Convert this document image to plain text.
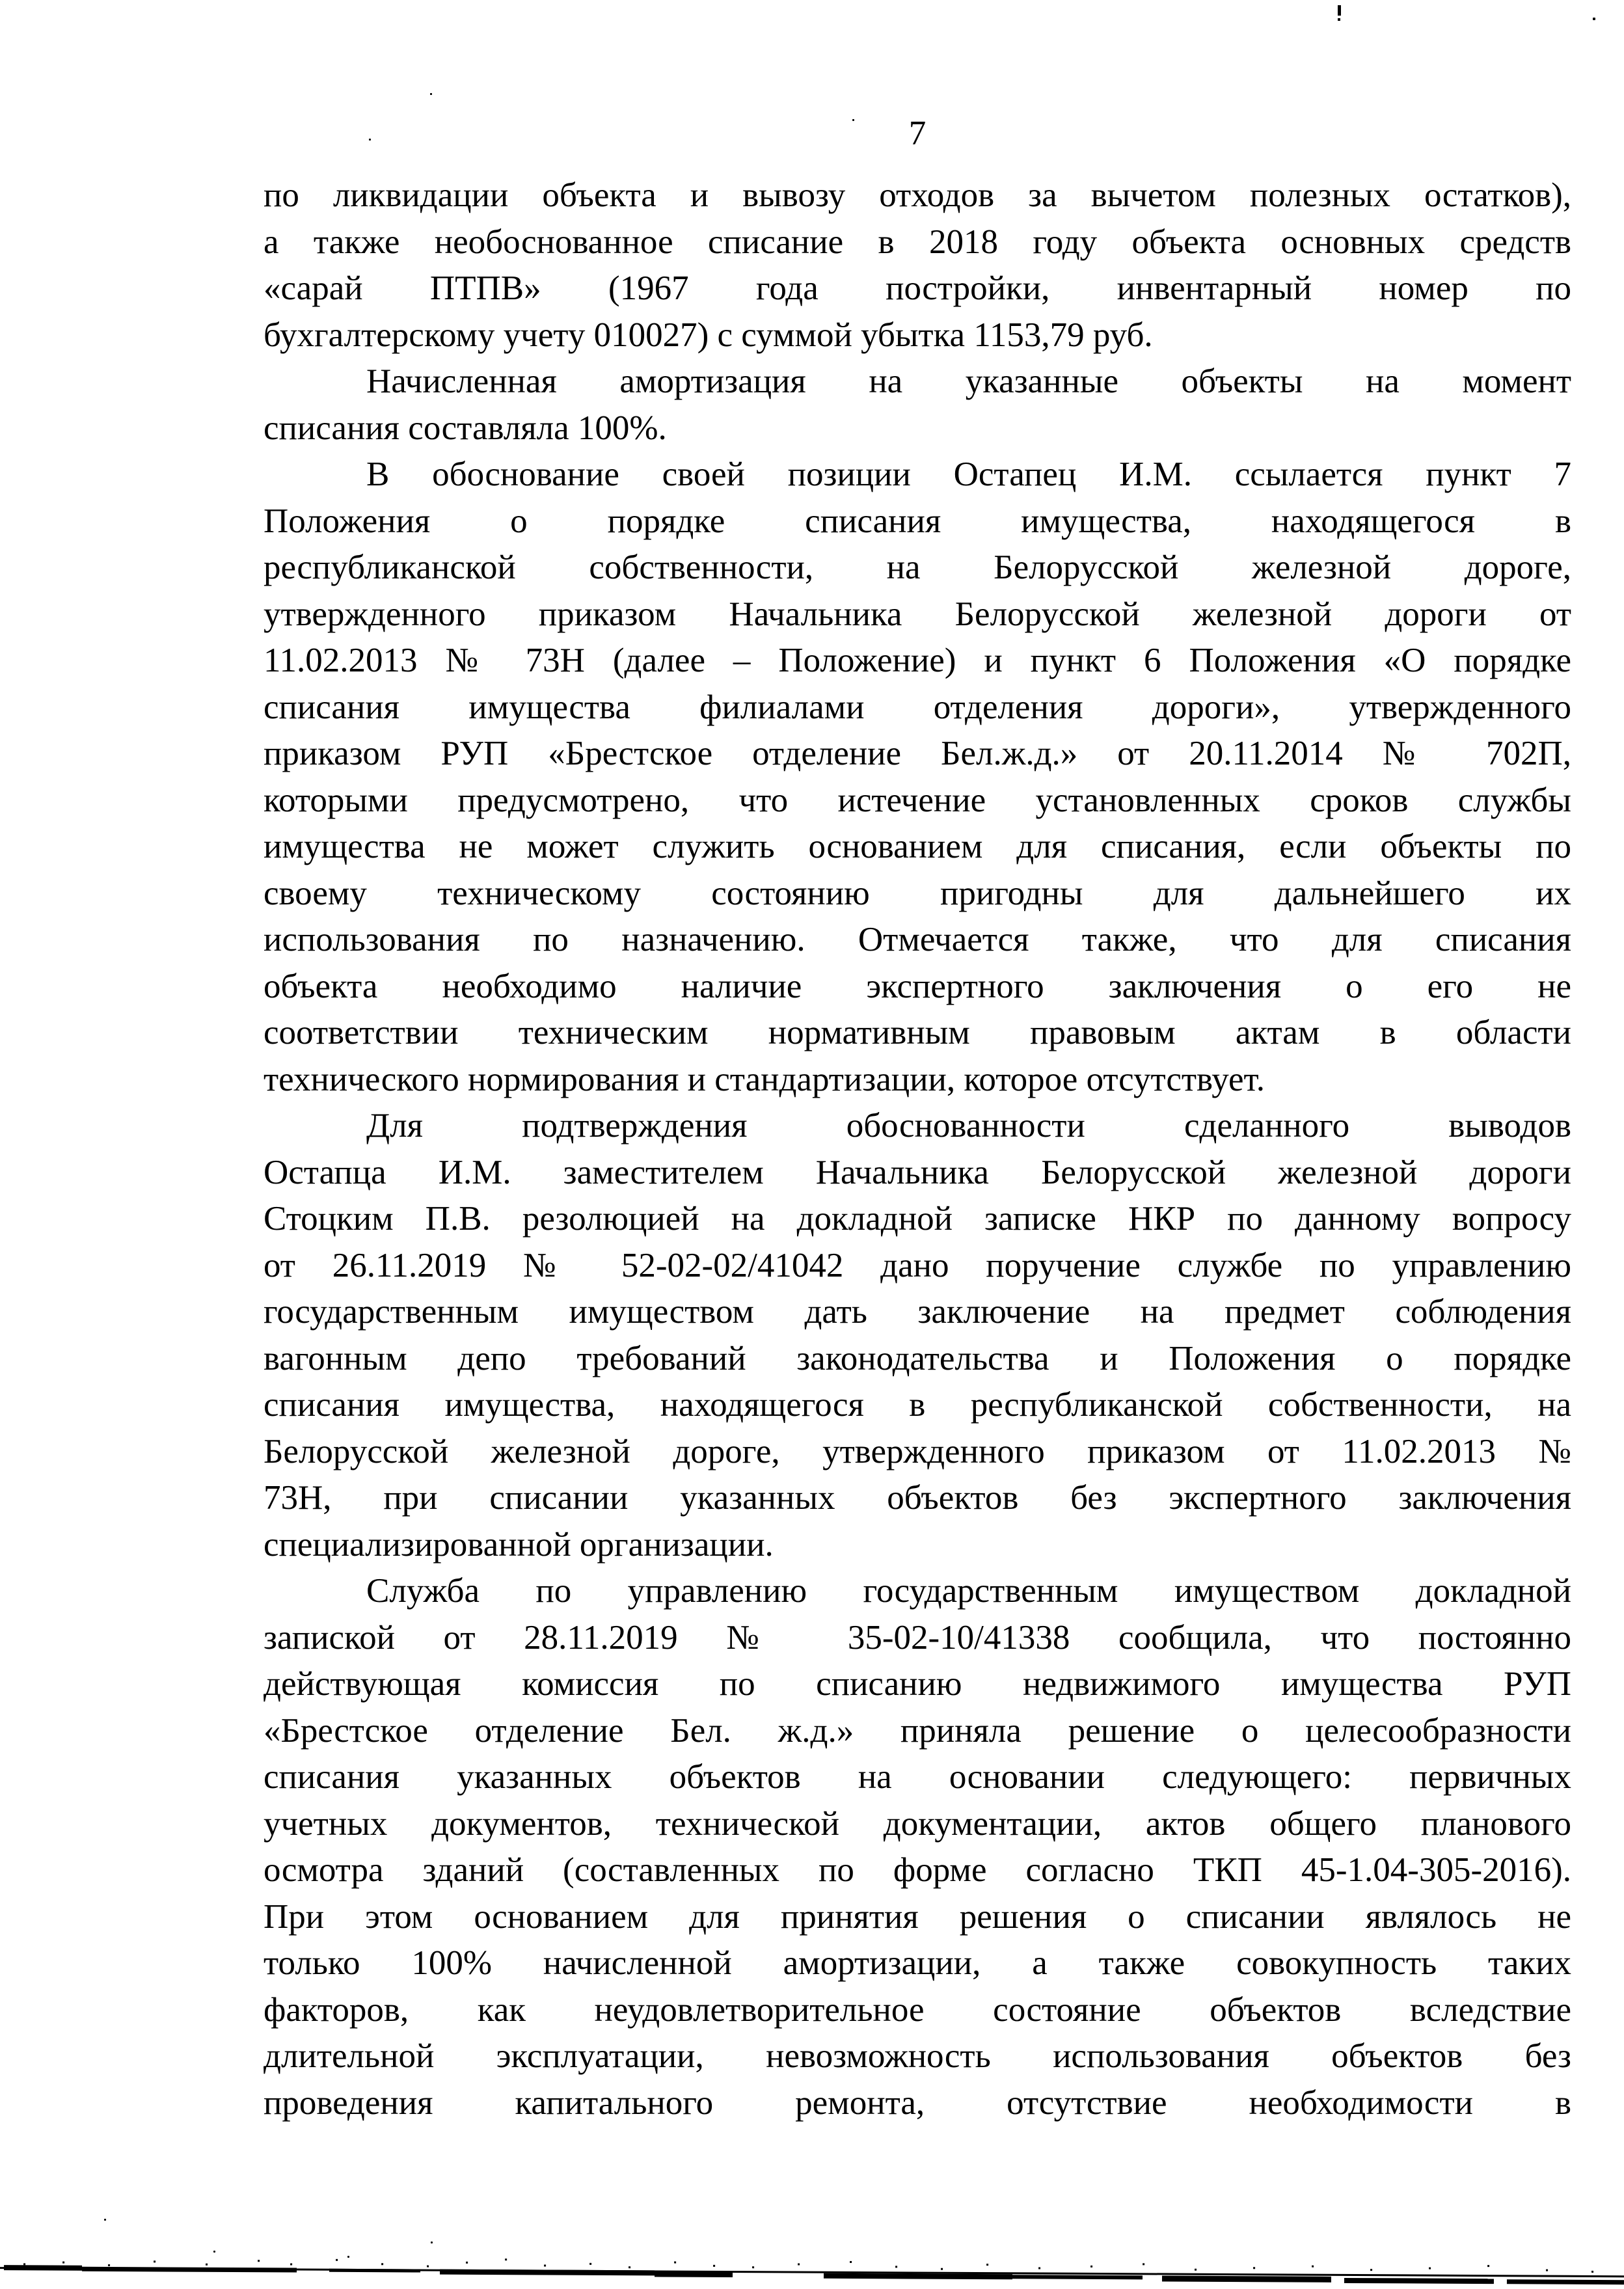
7
по ликвидации объекта и вывозу отходов за вычетом полезных остатков),
а также необоснованное списание в 2018 году объекта основных средств
«сарай ПТПВ» (1967 года постройки, инвентарный номер по
бухгалтерскому учету 010027) с суммой убытка 1153,79 руб.
Начисленная амортизация на указанные объекты на момент
списания составляла 100%.
В обоснование своей позиции Остапец И.М. ссылается пункт 7
Положения о порядке списания имущества, находящегося в
республиканской собственности, на Белорусской железной дороге,
утвержденного приказом Начальника Белорусской железной дороги от
11.02.2013 № 73Н (далее – Положение) и пункт 6 Положения «О порядке
списания имущества филиалами отделения дороги», утвержденного
приказом РУП «Брестское отделение Бел.ж.д.» от 20.11.2014 № 702П,
которыми предусмотрено, что истечение установленных сроков службы
имущества не может служить основанием для списания, если объекты по
своему техническому состоянию пригодны для дальнейшего их
использования по назначению. Отмечается также, что для списания
объекта необходимо наличие экспертного заключения о его не
соответствии техническим нормативным правовым актам в области
технического нормирования и стандартизации, которое отсутствует.
Для подтверждения обоснованности сделанного выводов
Остапца И.М. заместителем Начальника Белорусской железной дороги
Стоцким П.В. резолюцией на докладной записке НКР по данному вопросу
от 26.11.2019 № 52-02-02/41042 дано поручение службе по управлению
государственным имуществом дать заключение на предмет соблюдения
вагонным депо требований законодательства и Положения о порядке
списания имущества, находящегося в республиканской собственности, на
Белорусской железной дороге, утвержденного приказом от 11.02.2013 №
73Н, при списании указанных объектов без экспертного заключения
специализированной организации.
Служба по управлению государственным имуществом докладной
запиской от 28.11.2019 № 35-02-10/41338 сообщила, что постоянно
действующая комиссия по списанию недвижимого имущества РУП
«Брестское отделение Бел. ж.д.» приняла решение о целесообразности
списания указанных объектов на основании следующего: первичных
учетных документов, технической документации, актов общего планового
осмотра зданий (составленных по форме согласно ТКП 45-1.04-305-2016).
При этом основанием для принятия решения о списании являлось не
только 100% начисленной амортизации, а также совокупность таких
факторов, как неудовлетворительное состояние объектов вследствие
длительной эксплуатации, невозможность использования объектов без
проведения капитального ремонта, отсутствие необходимости в
